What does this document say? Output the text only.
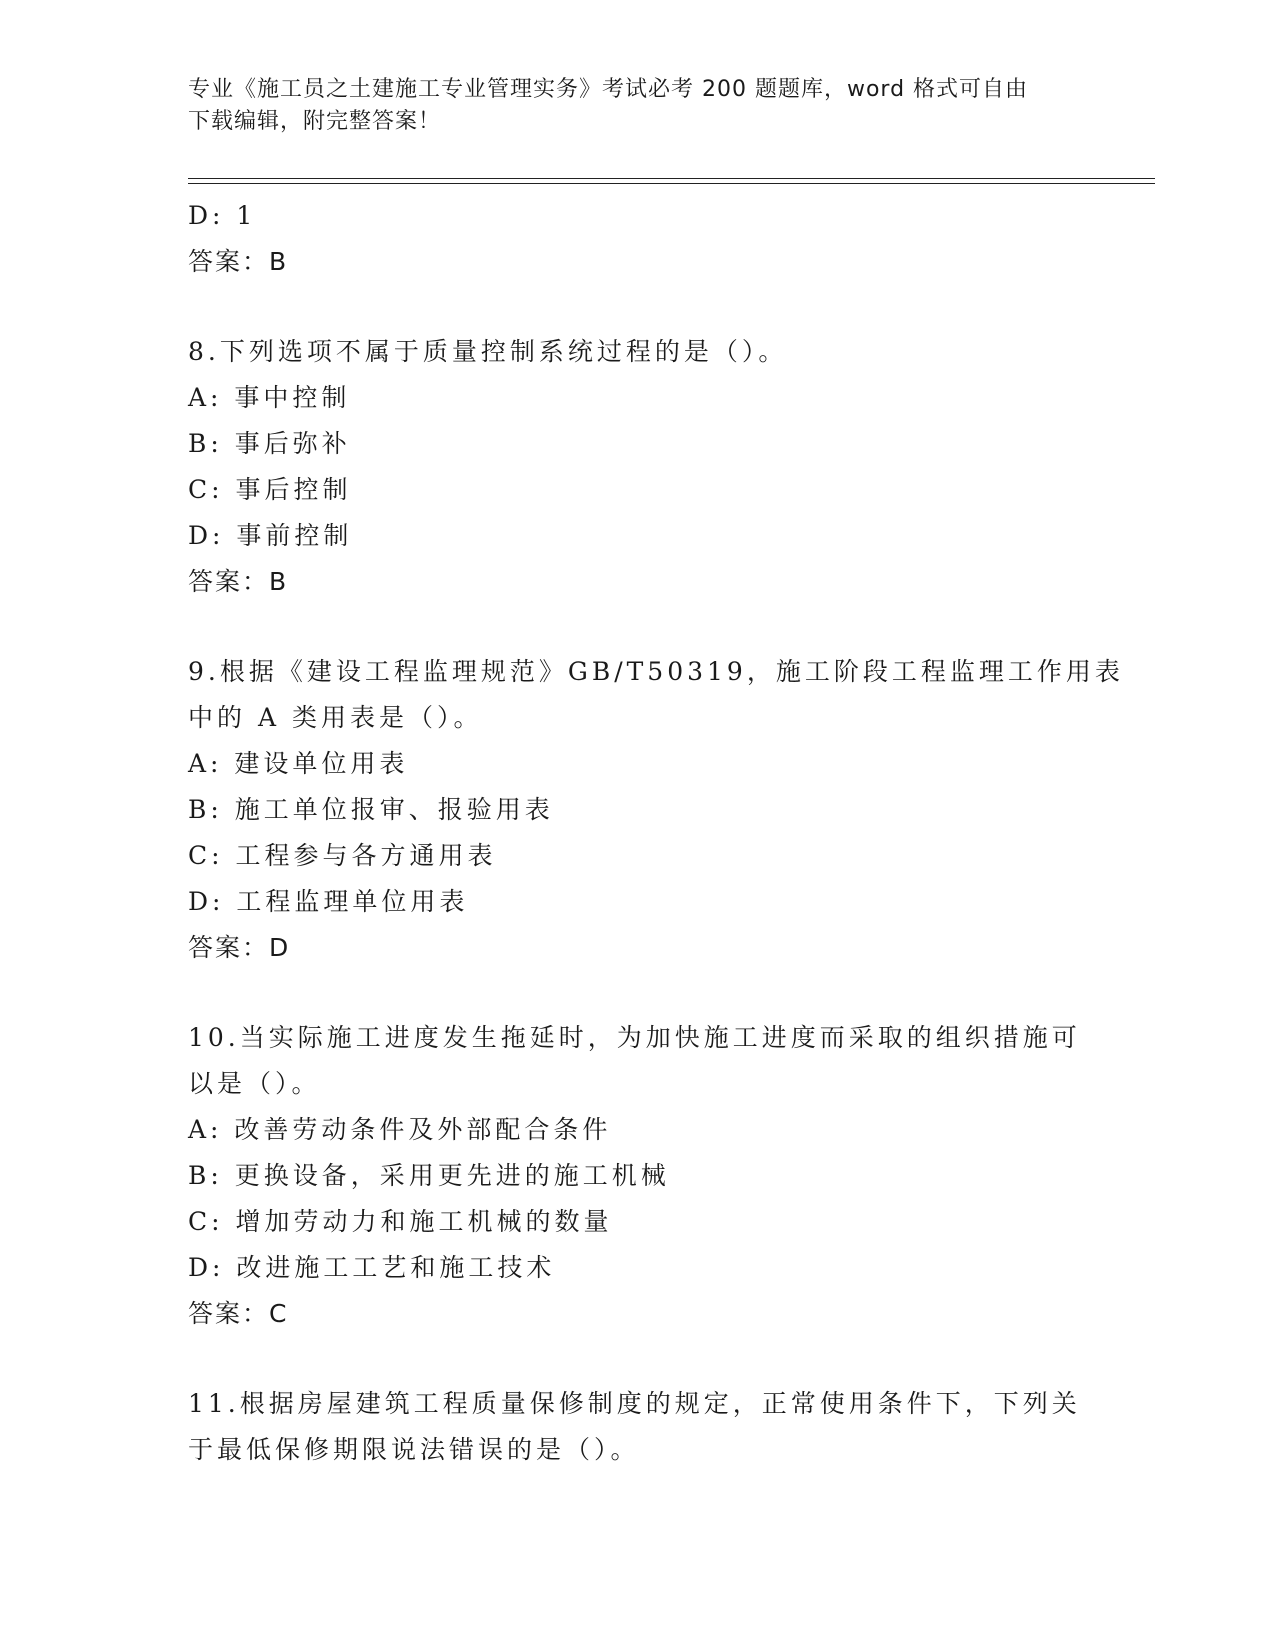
专业《施工员之土建施工专业管理实务》考试必考 200 题题库，word 格式可自由
下载编辑，附完整答案！
D: 1
答案：B
8.下列选项不属于质量控制系统过程的是（）。
A: 事中控制
B: 事后弥补
C: 事后控制
D: 事前控制
答案：B
9.根据《建设工程监理规范》GB/T50319，施工阶段工程监理工作用表
中的 A 类用表是（）。
A: 建设单位用表
B: 施工单位报审、报验用表
C: 工程参与各方通用表
D: 工程监理单位用表
答案：D
10.当实际施工进度发生拖延时，为加快施工进度而采取的组织措施可
以是（）。
A: 改善劳动条件及外部配合条件
B: 更换设备，采用更先进的施工机械
C: 增加劳动力和施工机械的数量
D: 改进施工工艺和施工技术
答案：C
11.根据房屋建筑工程质量保修制度的规定，正常使用条件下，下列关
于最低保修期限说法错误的是（）。
